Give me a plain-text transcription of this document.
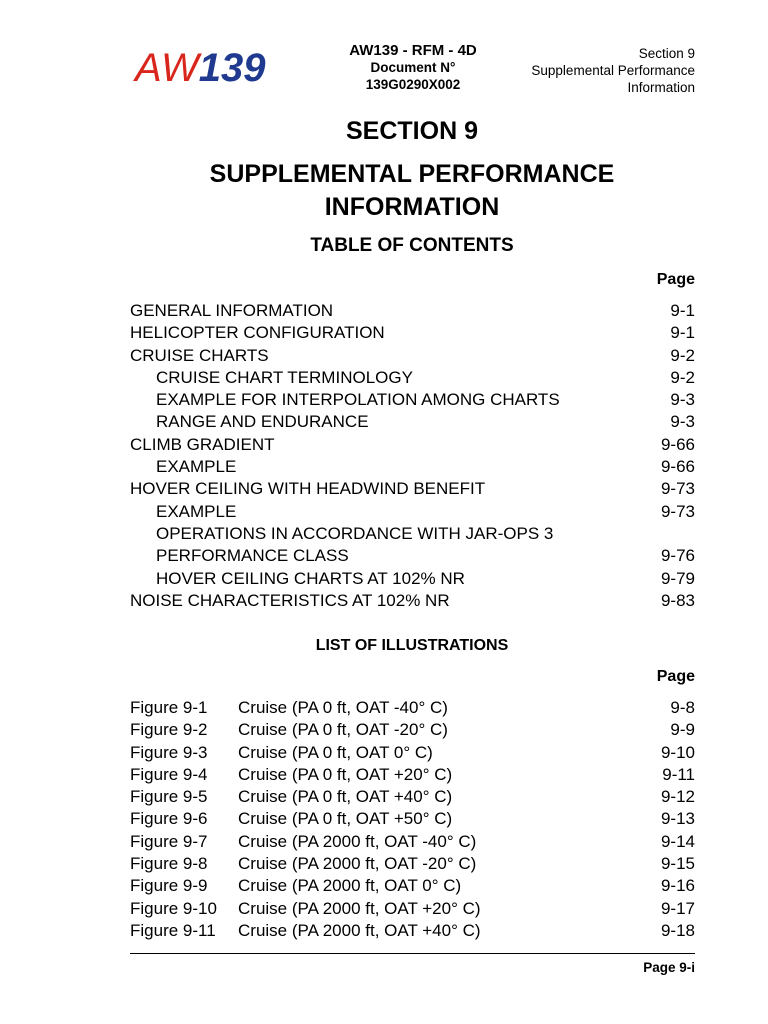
AW139	AW139 - RFM - 4D
Document N°
139G0290X002
Section 9
Supplemental Performance
Information
SECTION 9
SUPPLEMENTAL PERFORMANCE
INFORMATION
TABLE OF CONTENTS
Page
GENERAL INFORMATION	9-1
HELICOPTER CONFIGURATION	9-1
CRUISE CHARTS	9-2
CRUISE CHART TERMINOLOGY	9-2
EXAMPLE FOR INTERPOLATION AMONG CHARTS	9-3
RANGE AND ENDURANCE	9-3
CLIMB GRADIENT	9-66
EXAMPLE	9-66
HOVER CEILING WITH HEADWIND BENEFIT	9-73
EXAMPLE	9-73
OPERATIONS IN ACCORDANCE WITH JAR-OPS 3
PERFORMANCE CLASS	9-76
HOVER CEILING CHARTS AT 102% NR	9-79
NOISE CHARACTERISTICS AT 102% NR	9-83
LIST OF ILLUSTRATIONS
Page
Figure 9-1	Cruise (PA 0 ft, OAT -40° C)	9-8
Figure 9-2	Cruise (PA 0 ft, OAT -20° C)	9-9
Figure 9-3	Cruise (PA 0 ft, OAT 0° C)	9-10
Figure 9-4	Cruise (PA 0 ft, OAT +20° C)	9-11
Figure 9-5	Cruise (PA 0 ft, OAT +40° C)	9-12
Figure 9-6	Cruise (PA 0 ft, OAT +50° C)	9-13
Figure 9-7	Cruise (PA 2000 ft, OAT -40° C)	9-14
Figure 9-8	Cruise (PA 2000 ft, OAT -20° C)	9-15
Figure 9-9	Cruise (PA 2000 ft, OAT 0° C)	9-16
Figure 9-10	Cruise (PA 2000 ft, OAT +20° C)	9-17
Figure 9-11	Cruise (PA 2000 ft, OAT +40° C)	9-18
Page 9-i
